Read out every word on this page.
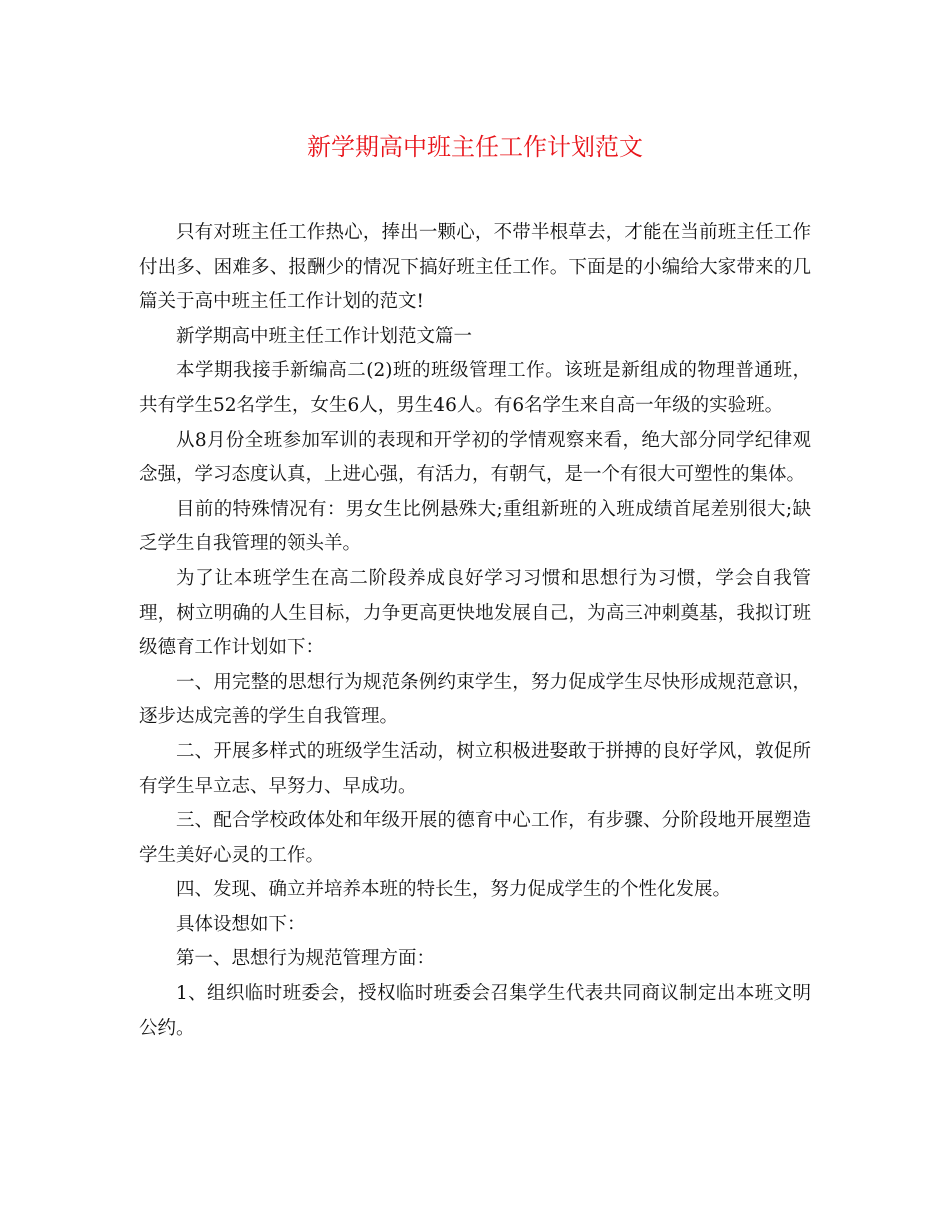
新学期高中班主任工作计划范文

只有对班主任工作热心，捧出一颗心，不带半根草去，才能在当前班主任工作付出多、困难多、报酬少的情况下搞好班主任工作。下面是的小编给大家带来的几篇关于高中班主任工作计划的范文!

新学期高中班主任工作计划范文篇一

本学期我接手新编高二(2)班的班级管理工作。该班是新组成的物理普通班，共有学生52名学生，女生6人，男生46人。有6名学生来自高一年级的实验班。

从8月份全班参加军训的表现和开学初的学情观察来看，绝大部分同学纪律观念强，学习态度认真，上进心强，有活力，有朝气，是一个有很大可塑性的集体。

目前的特殊情况有：男女生比例悬殊大;重组新班的入班成绩首尾差别很大;缺乏学生自我管理的领头羊。

为了让本班学生在高二阶段养成良好学习习惯和思想行为习惯，学会自我管理，树立明确的人生目标，力争更高更快地发展自己，为高三冲刺奠基，我拟订班级德育工作计划如下：

一、用完整的思想行为规范条例约束学生，努力促成学生尽快形成规范意识，逐步达成完善的学生自我管理。

二、开展多样式的班级学生活动，树立积极进娶敢于拼搏的良好学风，敦促所有学生早立志、早努力、早成功。

三、配合学校政体处和年级开展的德育中心工作，有步骤、分阶段地开展塑造学生美好心灵的工作。

四、发现、确立并培养本班的特长生，努力促成学生的个性化发展。

具体设想如下：

第一、思想行为规范管理方面：

1、组织临时班委会，授权临时班委会召集学生代表共同商议制定出本班文明公约。
